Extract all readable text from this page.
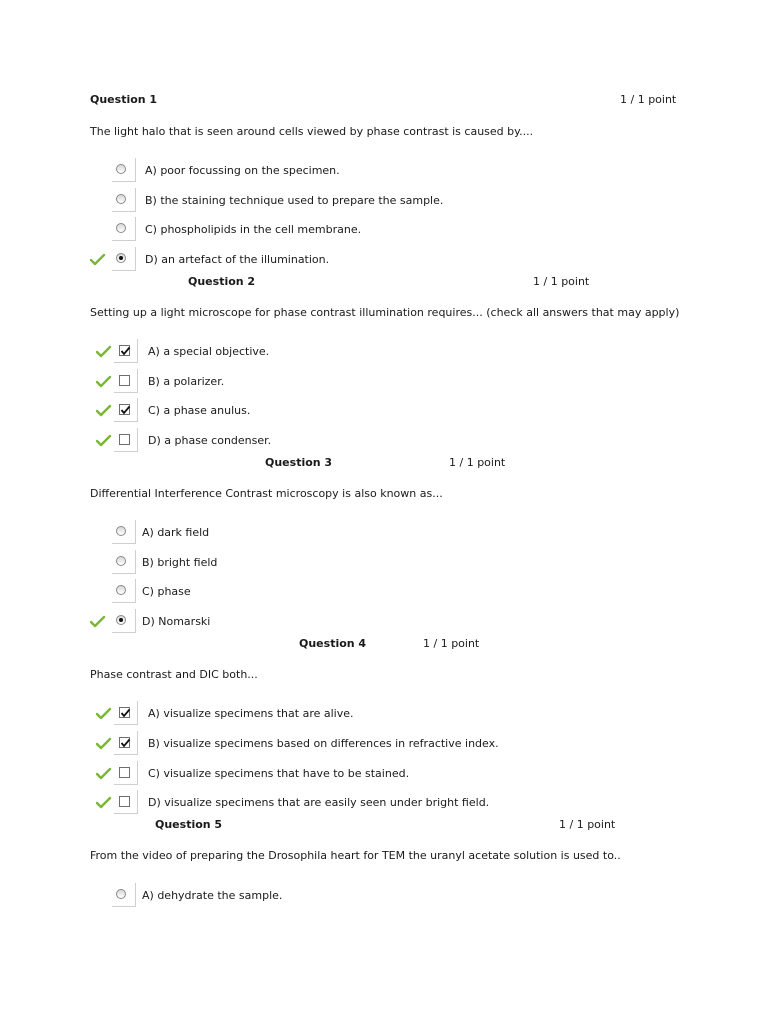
Question 1	1 / 1 point
The light halo that is seen around cells viewed by phase contrast is caused by....
A) poor focussing on the specimen.
B) the staining technique used to prepare the sample.
C) phospholipids in the cell membrane.
D) an artefact of the illumination.
Question 2	1 / 1 point
Setting up a light microscope for phase contrast illumination requires... (check all answers that may apply)
A) a special objective.
B) a polarizer.
C) a phase anulus.
D) a phase condenser.
Question 3	1 / 1 point
Differential Interference Contrast microscopy is also known as...
A) dark field
B) bright field
C) phase
D) Nomarski
Question 4	1 / 1 point
Phase contrast and DIC both...
A) visualize specimens that are alive.
B) visualize specimens based on differences in refractive index.
C) visualize specimens that have to be stained.
D) visualize specimens that are easily seen under bright field.
Question 5	1 / 1 point
From the video of preparing the Drosophila heart for TEM the uranyl acetate solution is used to..
A) dehydrate the sample.
